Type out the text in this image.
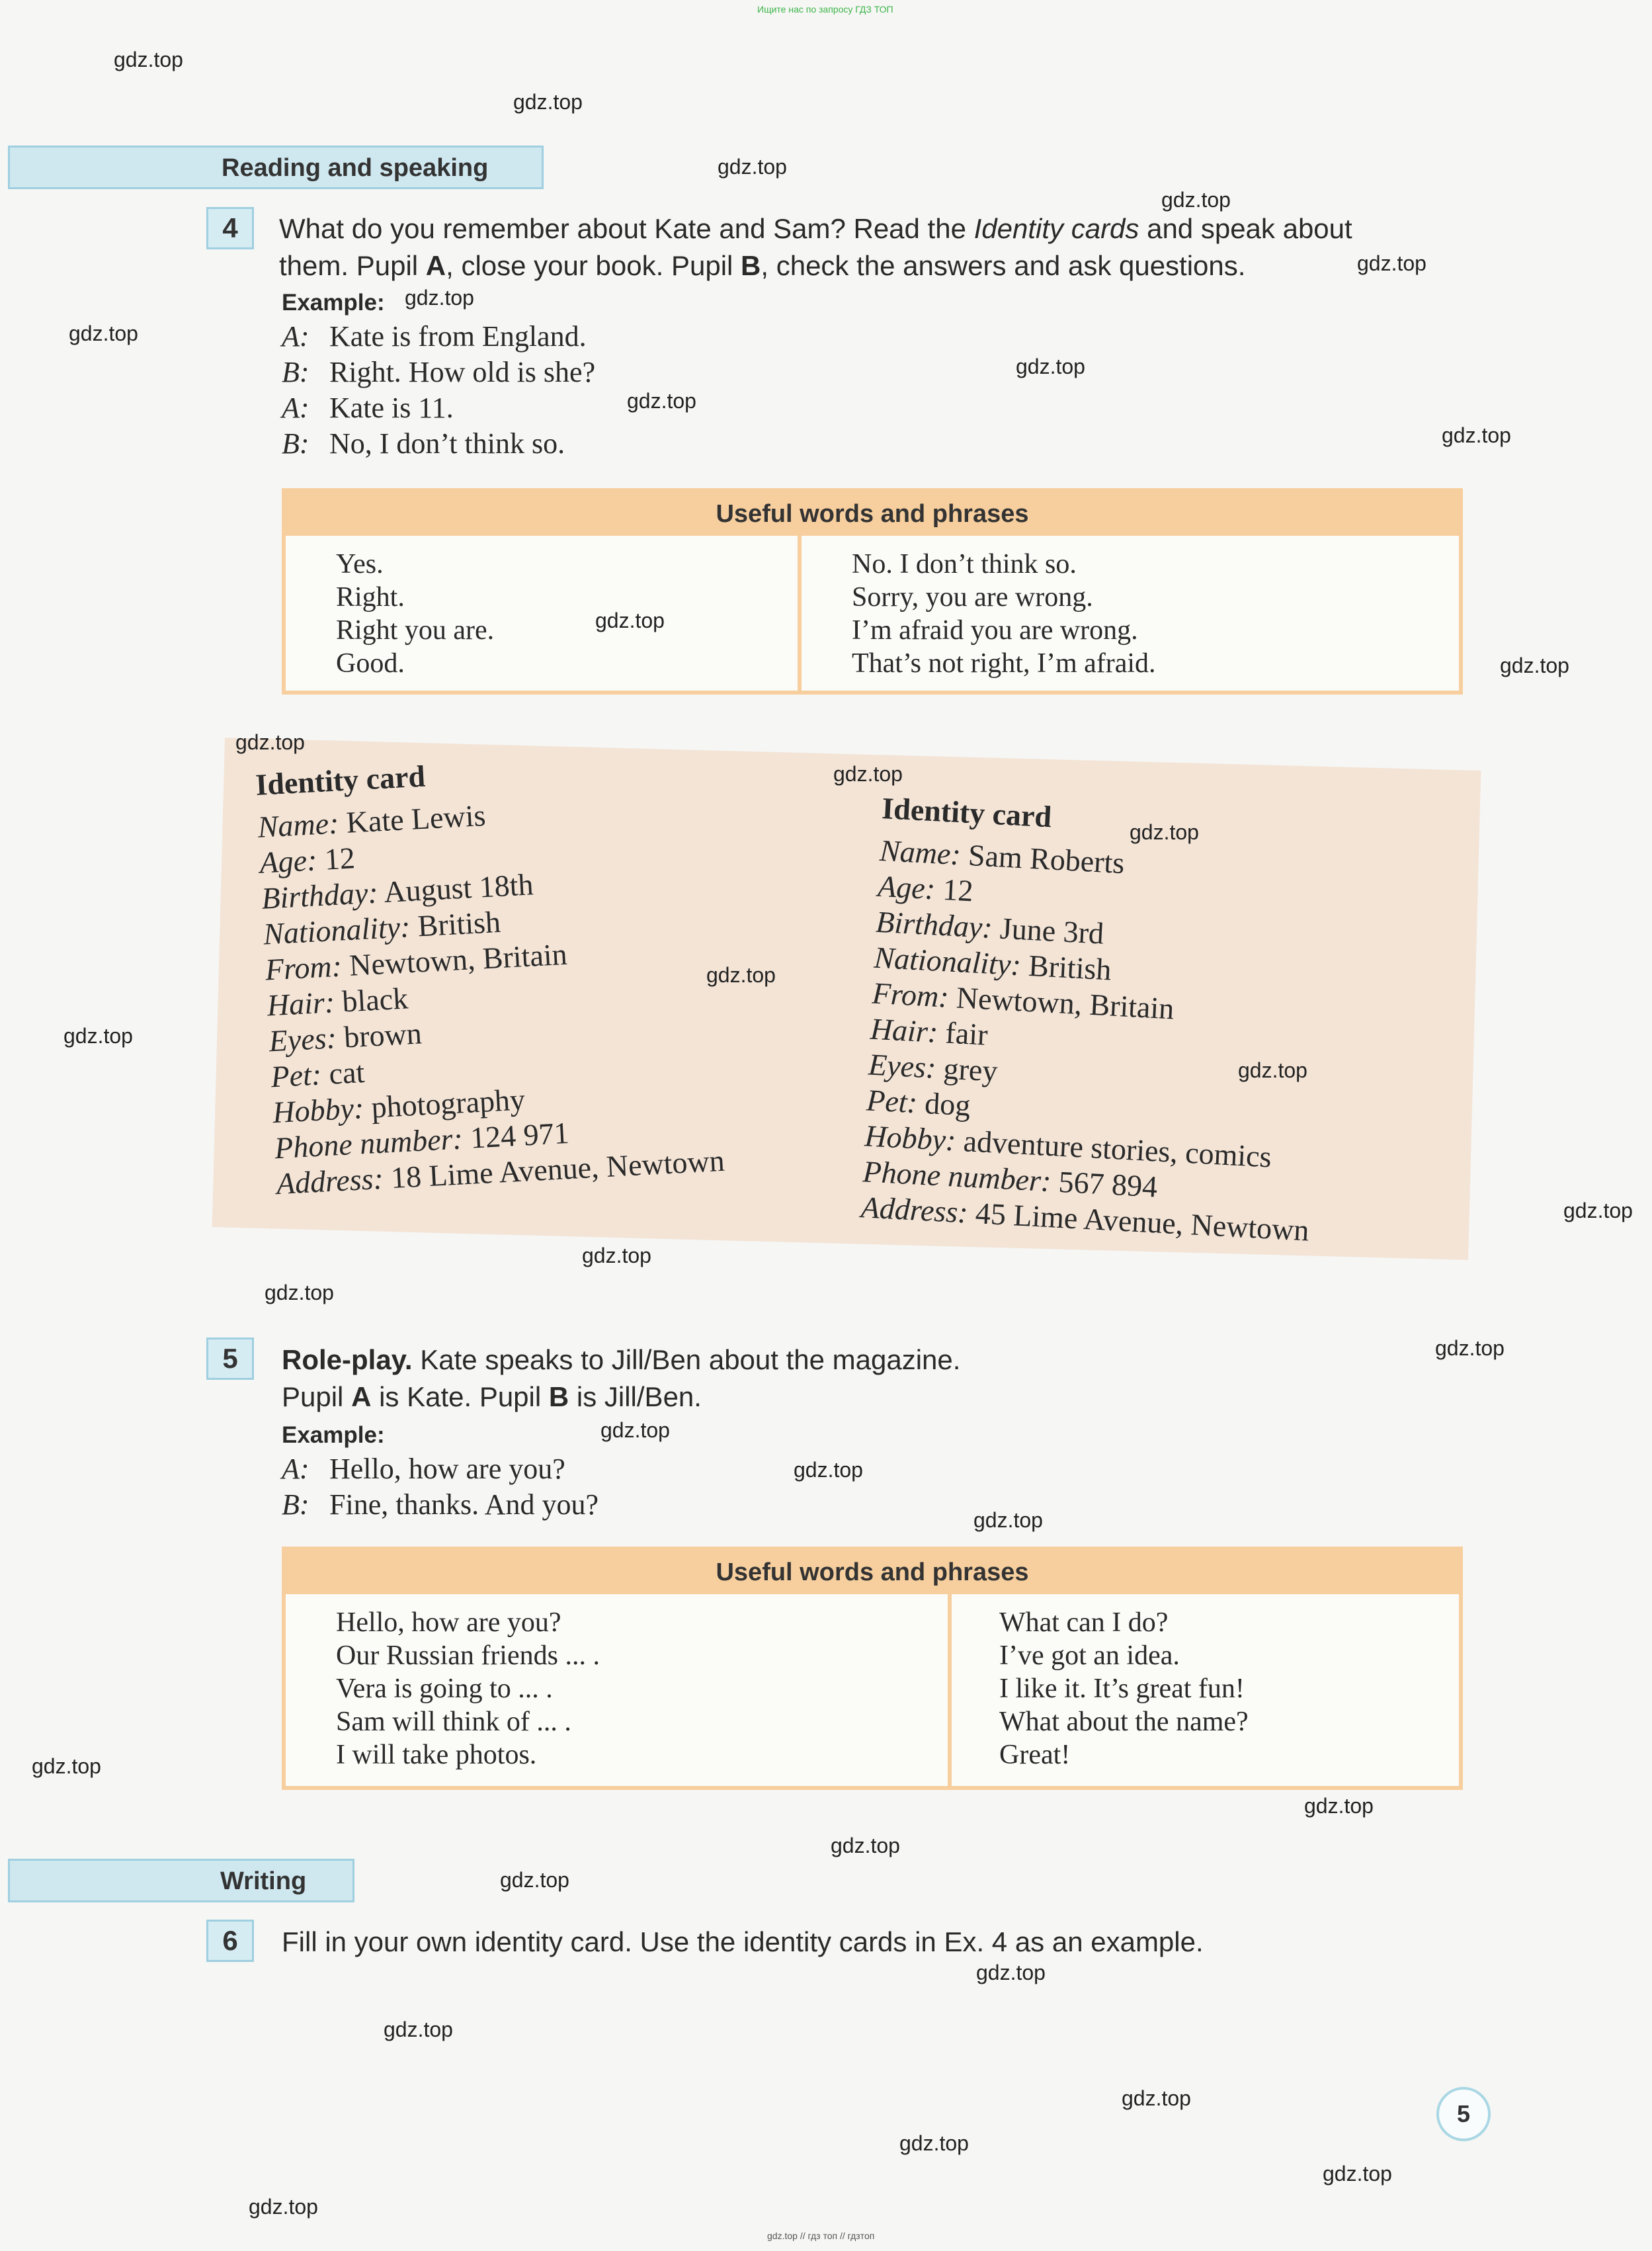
Ищите нас по запросу ГДЗ ТОП
gdz.top // гдз топ // гдзтоп
Reading and speaking
4	What do you remember about Kate and Sam? Read the Identity cards and speak about
them. Pupil A, close your book. Pupil B, check the answers and ask questions.
Example:
A: Kate is from England.
B: Right. How old is she?
A: Kate is 11.
B: No, I don’t think so.
Useful words and phrases
Yes.
Right.
Right you are.
Good.
No. I don’t think so.
Sorry, you are wrong.
I’m afraid you are wrong.
That’s not right, I’m afraid.
Identity card
Name: Kate Lewis
Age: 12
Birthday: August 18th
Nationality: British
From: Newtown, Britain
Hair: black
Eyes: brown
Pet: cat
Hobby: photography
Phone number: 124 971
Address: 18 Lime Avenue, Newtown
Identity card
Name: Sam Roberts
Age: 12
Birthday: June 3rd
Nationality: British
From: Newtown, Britain
Hair: fair
Eyes: grey
Pet: dog
Hobby: adventure stories, comics
Phone number: 567 894
Address: 45 Lime Avenue, Newtown
5	Role-play. Kate speaks to Jill/Ben about the magazine.
Pupil A is Kate. Pupil B is Jill/Ben.
Example:
A: Hello, how are you?
B: Fine, thanks. And you?
Useful words and phrases
Hello, how are you?
Our Russian friends ... .
Vera is going to ... .
Sam will think of ... .
I will take photos.
What can I do?
I’ve got an idea.
I like it. It’s great fun!
What about the name?
Great!
Writing
6	Fill in your own identity card. Use the identity cards in Ex. 4 as an example.
5
gdz.top
gdz.top
gdz.top
gdz.top
gdz.top
gdz.top
gdz.top
gdz.top
gdz.top
gdz.top
gdz.top
gdz.top
gdz.top
gdz.top
gdz.top
gdz.top
gdz.top
gdz.top
gdz.top
gdz.top
gdz.top
gdz.top
gdz.top
gdz.top
gdz.top
gdz.top
gdz.top
gdz.top
gdz.top
gdz.top
gdz.top
gdz.top
gdz.top
gdz.top
gdz.top
